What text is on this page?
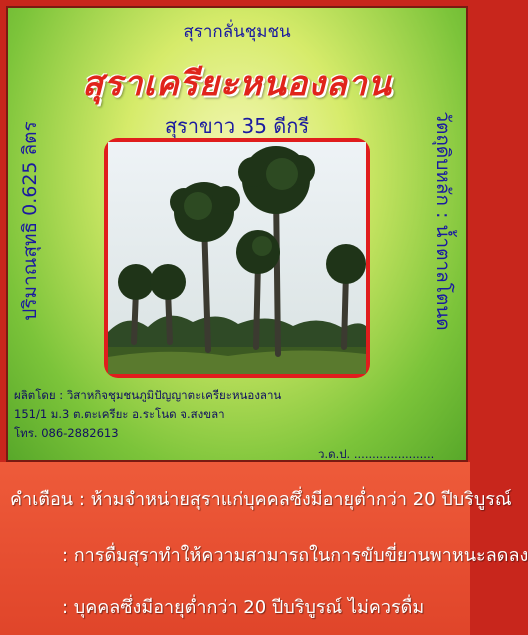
สุรากลั่นชุมชน
สุราเครียะหนองลาน
สุราขาว 35 ดีกรี
ปริมาณสุทธิ 0.625 ลิตร	วัตถุดิบหลัก : น้ำตาลโตนด
ผลิตโดย : วิสาหกิจชุมชนภูมิปัญญาตะเครียะหนองลาน
151/1 ม.3 ต.ตะเครียะ อ.ระโนด จ.สงขลา
โทร. 086-2882613
ว.ด.ป. ......................
คำเตือน : ห้ามจำหน่ายสุราแก่บุคคลซึ่งมีอายุต่ำกว่า 20 ปีบริบูรณ์
: การดื่มสุราทำให้ความสามารถในการขับขี่ยานพาหนะลดลง
: บุคคลซึ่งมีอายุต่ำกว่า 20 ปีบริบูรณ์ ไม่ควรดื่ม
